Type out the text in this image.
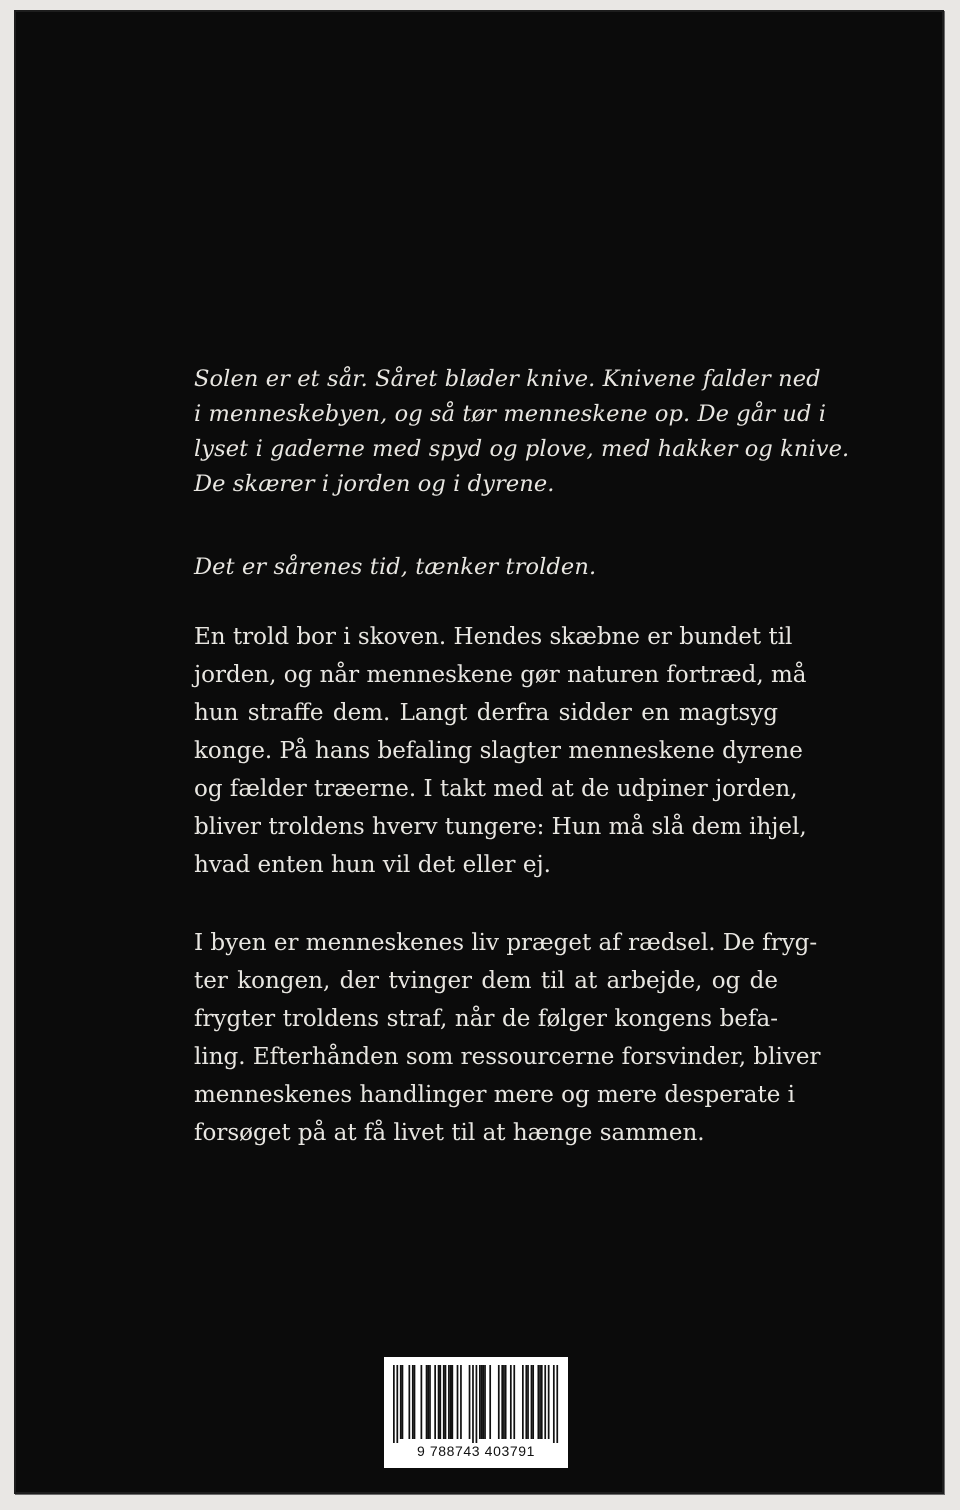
Solen er et sår. Såret bløder knive. Knivene falder ned
i menneskebyen, og så tør menneskene op. De går ud i
lyset i gaderne med spyd og plove, med hakker og knive.
De skærer i jorden og i dyrene.
Det er sårenes tid, tænker trolden.
En trold bor i skoven. Hendes skæbne er bundet til
jorden, og når menneskene gør naturen fortræd, må
hun straffe dem. Langt derfra sidder en magtsyg
konge. På hans befaling slagter menneskene dyrene
og fælder træerne. I takt med at de udpiner jorden,
bliver troldens hverv tungere: Hun må slå dem ihjel,
hvad enten hun vil det eller ej.
I byen er menneskenes liv præget af rædsel. De fryg-
ter kongen, der tvinger dem til at arbejde, og de
frygter troldens straf, når de følger kongens befa-
ling. Efterhånden som ressourcerne forsvinder, bliver
menneskenes handlinger mere og mere desperate i
forsøget på at få livet til at hænge sammen.
9 788743 403791
